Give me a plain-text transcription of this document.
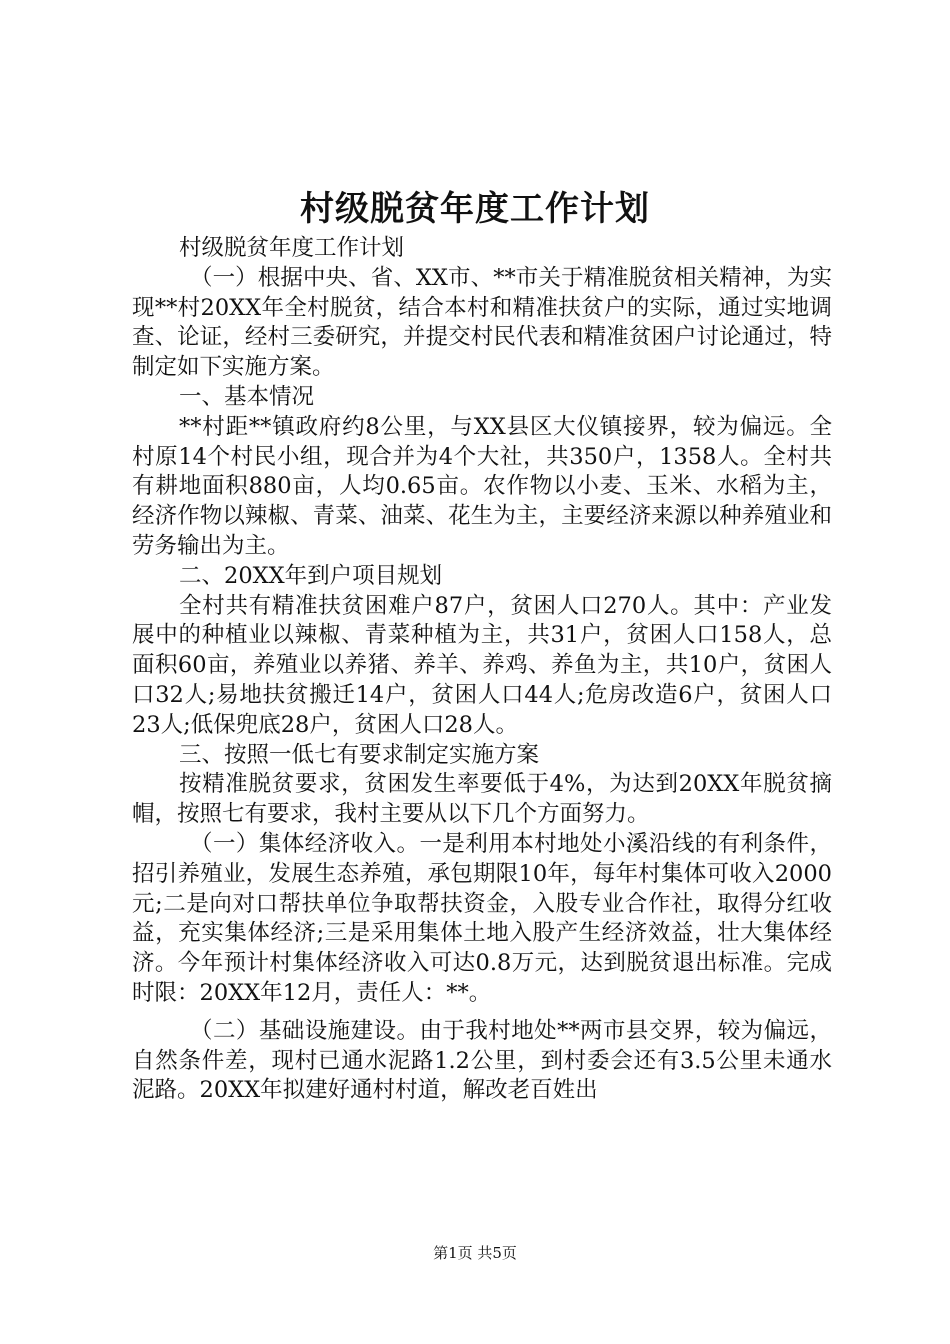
村级脱贫年度工作计划

村级脱贫年度工作计划

（一）根据中央、省、XX市、**市关于精准脱贫相关精神，为实现**村20XX年全村脱贫，结合本村和精准扶贫户的实际，通过实地调查、论证，经村三委研究，并提交村民代表和精准贫困户讨论通过，特制定如下实施方案。

一、基本情况

**村距**镇政府约8公里，与XX县区大仪镇接界，较为偏远。全村原14个村民小组，现合并为4个大社，共350户，1358人。全村共有耕地面积880亩，人均0.65亩。农作物以小麦、玉米、水稻为主，经济作物以辣椒、青菜、油菜、花生为主，主要经济来源以种养殖业和劳务输出为主。

二、20XX年到户项目规划

全村共有精准扶贫困难户87户，贫困人口270人。其中：产业发展中的种植业以辣椒、青菜种植为主，共31户，贫困人口158人，总面积60亩，养殖业以养猪、养羊、养鸡、养鱼为主，共10户，贫困人口32人;易地扶贫搬迁14户，贫困人口44人;危房改造6户，贫困人口23人;低保兜底28户，贫困人口28人。

三、按照一低七有要求制定实施方案

按精准脱贫要求，贫困发生率要低于4%，为达到20XX年脱贫摘帽，按照七有要求，我村主要从以下几个方面努力。

（一）集体经济收入。一是利用本村地处小溪沿线的有利条件，招引养殖业，发展生态养殖，承包期限10年，每年村集体可收入2000元;二是向对口帮扶单位争取帮扶资金，入股专业合作社，取得分红收益，充实集体经济;三是采用集体土地入股产生经济效益，壮大集体经济。今年预计村集体经济收入可达0.8万元，达到脱贫退出标准。完成时限：20XX年12月，责任人：**。

（二）基础设施建设。由于我村地处**两市县交界，较为偏远，自然条件差，现村已通水泥路1.2公里，到村委会还有3.5公里未通水泥路。20XX年拟建好通村村道，解改老百姓出

第1页 共5页
